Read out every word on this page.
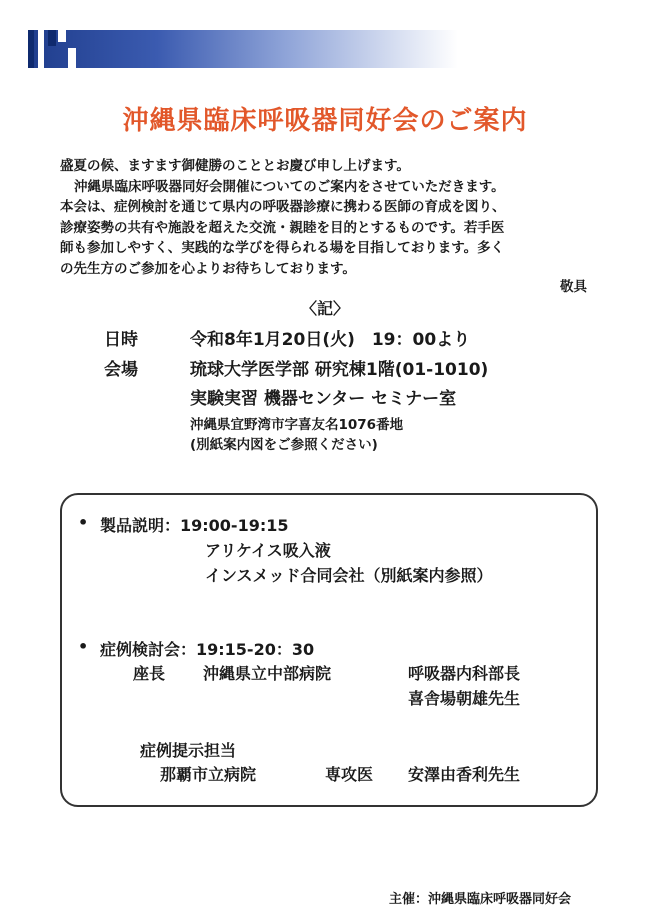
沖縄県臨床呼吸器同好会のご案内

盛夏の候、ますます御健勝のこととお慶び申し上げます。

沖縄県臨床呼吸器同好会開催についてのご案内をさせていただきます。

本会は、症例検討を通じて県内の呼吸器診療に携わる医師の育成を図り、

診療姿勢の共有や施設を超えた交流・親睦を目的とするものです。若手医

師も参加しやすく、実践的な学びを得られる場を目指しております。多く

の先生方のご参加を心よりお待ちしております。

敬具
〈記〉
日時	令和8年1月20日(火)　19：00より
会場	琉球大学医学部 研究棟1階(01-1010)
実験実習 機器センター セミナー室
沖縄県宜野湾市字喜友名1076番地
(別紙案内図をご参照ください)
• 製品説明：19:00-19:15
アリケイス吸入液
インスメッド合同会社（別紙案内参照）
• 症例検討会：19:15-20：30
座長 沖縄県立中部病院	呼吸器内科部長
喜舎場朝雄先生
症例提示担当
那覇市立病院	専攻医 安澤由香利先生
主催：沖縄県臨床呼吸器同好会
